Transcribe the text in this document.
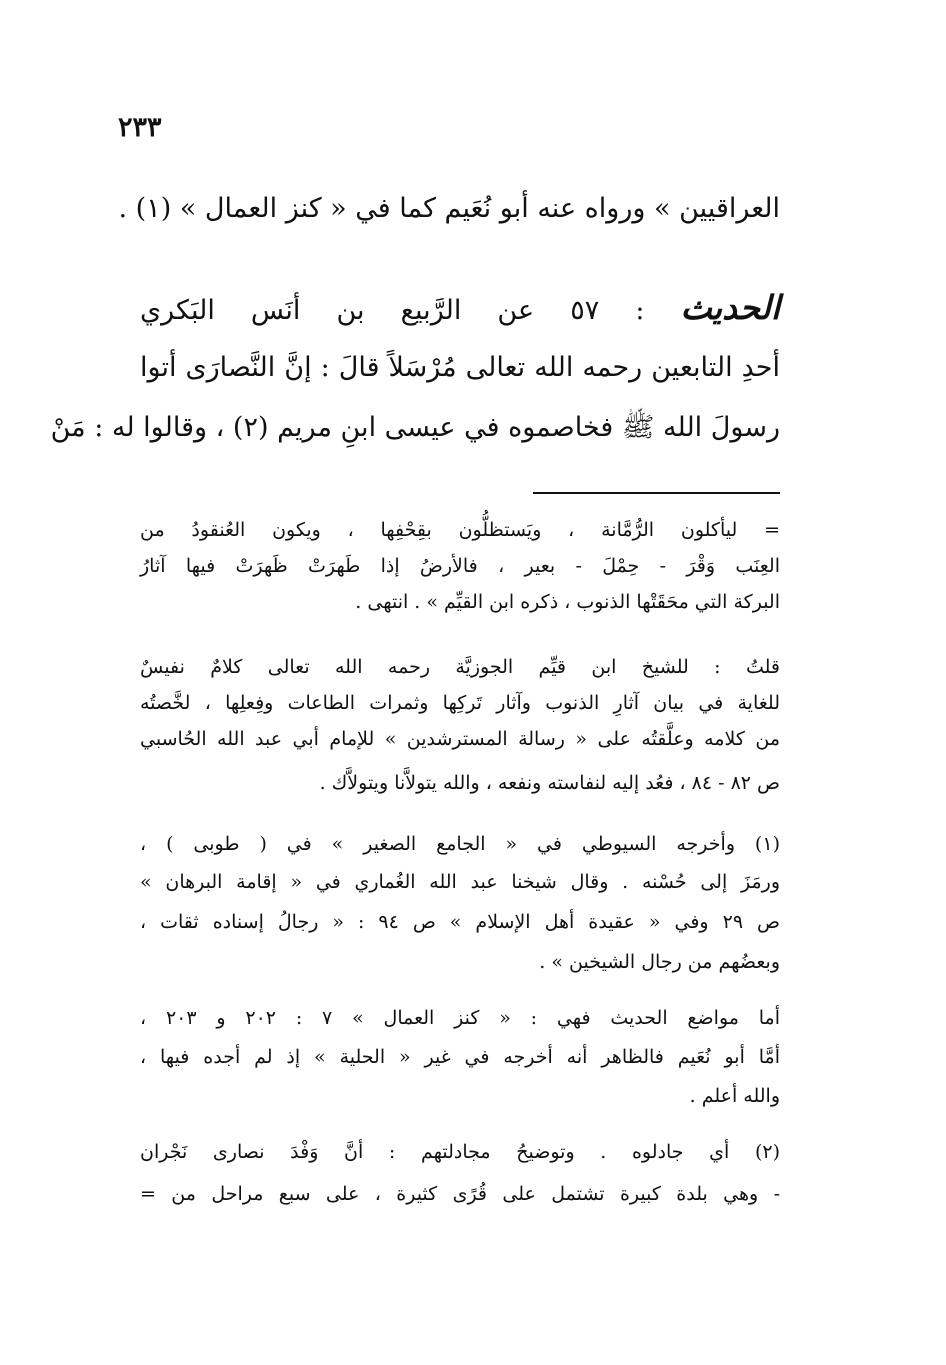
٢٣٣
العراقيين » ورواه عنه أبو نُعَيم كما في « كنز العمال » (١) .
الحديث : ٥٧ عن الرَّبيع بن أنَس البَكري
أحدِ التابعين رحمه الله تعالى مُرْسَلاً قالَ : إنَّ النَّصارَى أتوا
رسولَ الله ﷺ فخاصموه في عيسى ابنِ مريم (٢) ، وقالوا له : مَنْ
= ليأكلون الرُّمَّانة ، ويَستظلُّون بقِحْفِها ، ويكون العُنقودُ من
العِنَب وَقْرَ - حِمْلَ - بعير ، فالأرضُ إذا طَهرَتْ ظَهرَتْ فيها آثارُ
البركة التي محَقَتْها الذنوب ، ذكره ابن القيِّم » . انتهى .
قلتُ : للشيخ ابن قيِّم الجوزيَّة رحمه الله تعالى كلامٌ نفيسٌ
للغاية في بيان آثارِ الذنوب وآثار تَركِها وثمرات الطاعات وفِعلِها ، لخَّصتُه
من كلامه وعلَّقتُه على « رسالة المسترشدين » للإمام أبي عبد الله الحُاسبي
ص ٨٢ - ٨٤ ، فعُد إليه لنفاسته ونفعه ، والله يتولاَّنا ويتولاَّك .
(١) وأخرجه السيوطي في « الجامع الصغير » في ( طوبى ) ،
ورمَزَ إلى حُسْنه . وقال شيخنا عبد الله الغُماري في « إقامة البرهان »
ص ٢٩ وفي « عقيدة أهل الإسلام » ص ٩٤ : « رجالُ إسناده ثقات ،
وبعضُهم من رجال الشيخين » .
أما مواضع الحديث فهي : « كنز العمال » ٧ : ٢٠٢ و ٢٠٣ ،
أمَّا أبو نُعَيم فالظاهر أنه أخرجه في غير « الحلية » إذ لم أجده فيها ،
والله أعلم .
(٢) أي جادلوه . وتوضيحُ مجادلتهم : أنَّ وَفْدَ نصارى نَجْران
- وهي بلدة كبيرة تشتمل على قُرًى كثيرة ، على سبع مراحل من =
